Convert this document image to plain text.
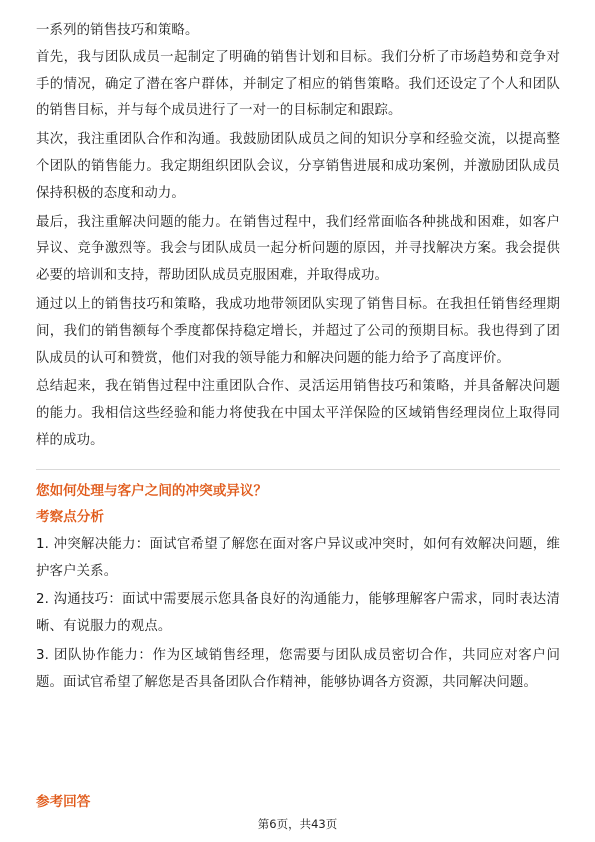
一系列的销售技巧和策略。

首先，我与团队成员一起制定了明确的销售计划和目标。我们分析了市场趋势和竞争对手的情况，确定了潜在客户群体，并制定了相应的销售策略。我们还设定了个人和团队的销售目标，并与每个成员进行了一对一的目标制定和跟踪。

其次，我注重团队合作和沟通。我鼓励团队成员之间的知识分享和经验交流，以提高整个团队的销售能力。我定期组织团队会议，分享销售进展和成功案例，并激励团队成员保持积极的态度和动力。

最后，我注重解决问题的能力。在销售过程中，我们经常面临各种挑战和困难，如客户异议、竞争激烈等。我会与团队成员一起分析问题的原因，并寻找解决方案。我会提供必要的培训和支持，帮助团队成员克服困难，并取得成功。

通过以上的销售技巧和策略，我成功地带领团队实现了销售目标。在我担任销售经理期间，我们的销售额每个季度都保持稳定增长，并超过了公司的预期目标。我也得到了团队成员的认可和赞赏，他们对我的领导能力和解决问题的能力给予了高度评价。

总结起来，我在销售过程中注重团队合作、灵活运用销售技巧和策略，并具备解决问题的能力。我相信这些经验和能力将使我在中国太平洋保险的区域销售经理岗位上取得同样的成功。

您如何处理与客户之间的冲突或异议？

考察点分析

1. 冲突解决能力：面试官希望了解您在面对客户异议或冲突时，如何有效解决问题，维护客户关系。

2. 沟通技巧：面试中需要展示您具备良好的沟通能力，能够理解客户需求，同时表达清晰、有说服力的观点。

3. 团队协作能力：作为区域销售经理，您需要与团队成员密切合作，共同应对客户问题。面试官希望了解您是否具备团队合作精神，能够协调各方资源，共同解决问题。

参考回答

第6页，共43页
